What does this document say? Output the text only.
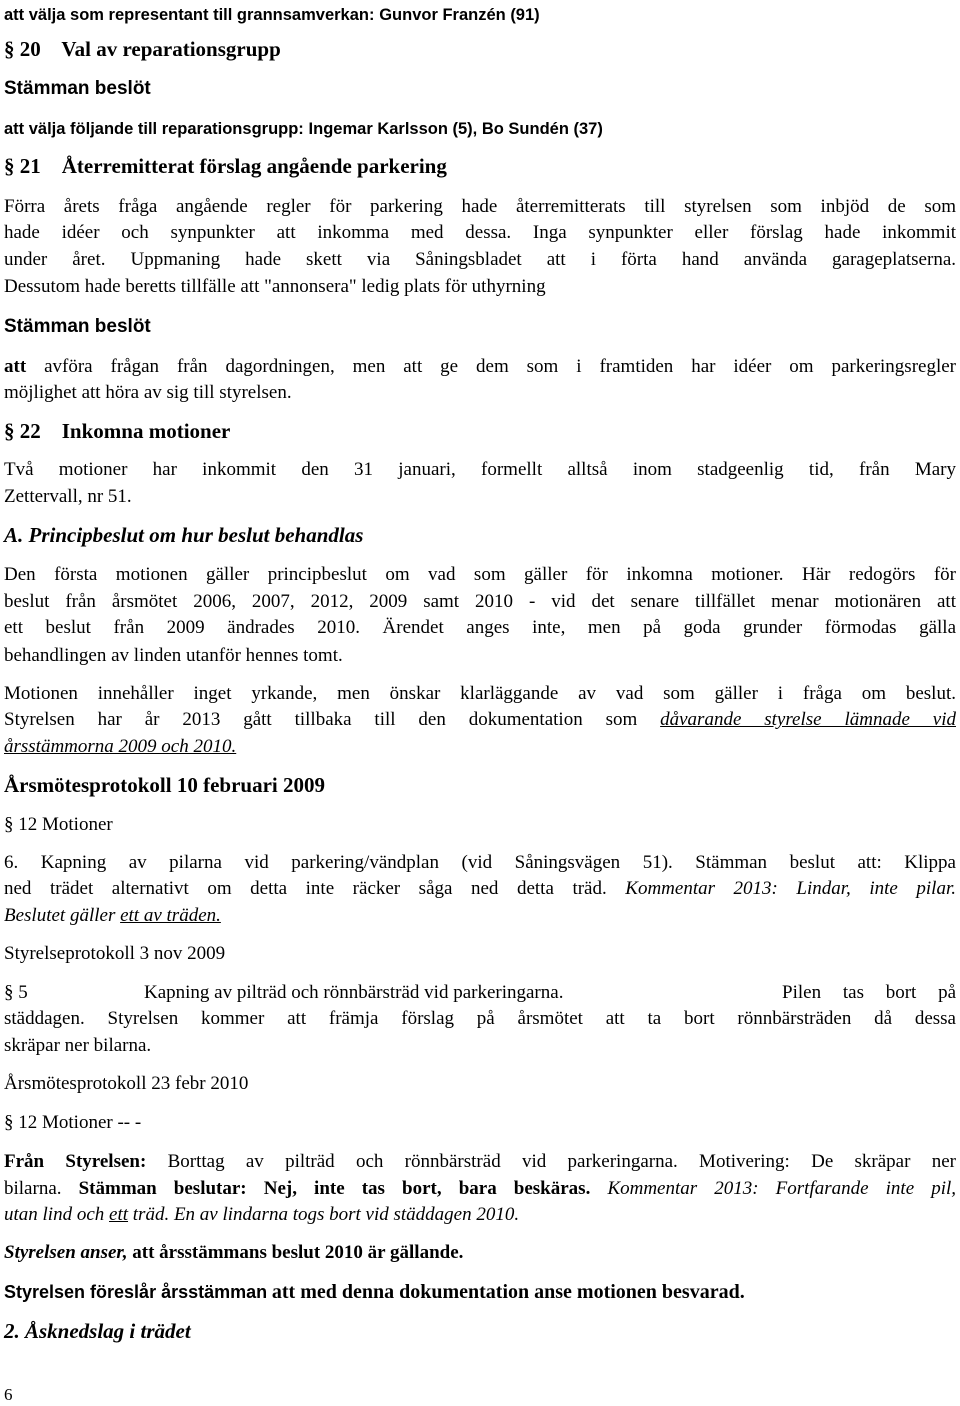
att välja som representant till grannsamverkan: Gunvor Franzén (91)
§ 20    Val av reparationsgrupp
Stämman beslöt
att välja följande till reparationsgrupp: Ingemar Karlsson (5), Bo Sundén (37)
§ 21    Återremitterat förslag angående parkering
Förra årets fråga angående regler för parkering hade återremitterats till styrelsen som inbjöd de som
hade idéer och synpunkter att inkomma med dessa. Inga synpunkter eller förslag hade inkommit
under året. Uppmaning hade skett via Såningsbladet att i förta hand använda garageplatserna.
Dessutom hade beretts tillfälle att "annonsera" ledig plats för uthyrning
Stämman beslöt
att avföra frågan från dagordningen, men att ge dem som i framtiden har idéer om parkeringsregler
möjlighet att höra av sig till styrelsen.
§ 22    Inkomna motioner
Två motioner har inkommit den 31 januari, formellt alltså inom stadgeenlig tid, från Mary
Zettervall, nr 51.
A. Principbeslut om hur beslut behandlas
Den första motionen gäller principbeslut om vad som gäller för inkomna motioner. Här redogörs för
beslut från årsmötet 2006, 2007, 2012, 2009 samt 2010 - vid det senare tillfället menar motionären att
ett beslut från 2009 ändrades 2010. Ärendet anges inte, men på goda grunder förmodas gälla
behandlingen av linden utanför hennes tomt.
Motionen innehåller inget yrkande, men önskar klarläggande av vad som gäller i fråga om beslut.
Styrelsen har år 2013 gått tillbaka till den dokumentation som dåvarande styrelse lämnade vid
årsstämmorna 2009 och 2010.
Årsmötesprotokoll 10 februari 2009
§ 12 Motioner
6. Kapning av pilarna vid parkering/vändplan (vid Såningsvägen 51). Stämman beslut att: Klippa
ned trädet alternativt om detta inte räcker såga ned detta träd. Kommentar 2013: Lindar, inte pilar.
Beslutet gäller ett av träden.
Styrelseprotokoll 3 nov 2009
§ 5	Kapning av pilträd och rönnbärsträd vid parkeringarna.	Pilen tas bort på
städdagen. Styrelsen kommer att främja förslag på årsmötet att ta bort rönnbärsträden då dessa
skräpar ner bilarna.
Årsmötesprotokoll 23 febr 2010
§ 12 Motioner -- -
Från Styrelsen: Borttag av pilträd och rönnbärsträd vid parkeringarna. Motivering: De skräpar ner
bilarna. Stämman beslutar: Nej, inte tas bort, bara beskäras. Kommentar 2013: Fortfarande inte pil,
utan lind och ett träd. En av lindarna togs bort vid städdagen 2010.
Styrelsen anser, att årsstämmans beslut 2010 är gällande.
Styrelsen föreslår årsstämman att med denna dokumentation anse motionen besvarad.
2. Åsknedslag i trädet
6
